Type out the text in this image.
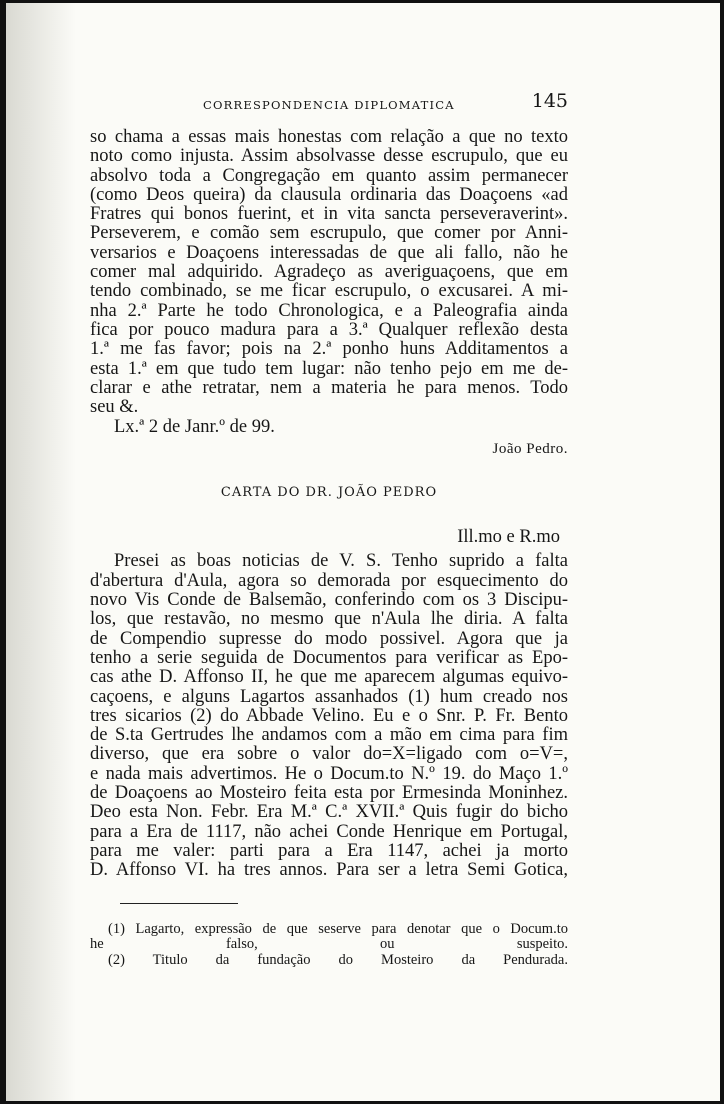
CORRESPONDENCIA DIPLOMATICA	145
so chama a essas mais honestas com relação a que no texto
noto como injusta. Assim absolvasse desse escrupulo, que eu
absolvo toda a Congregação em quanto assim permanecer
(como Deos queira) da clausula ordinaria das Doaçoens «ad
Fratres qui bonos fuerint, et in vita sancta perseveraverint».
Perseverem, e comão sem escrupulo, que comer por Anni-
versarios e Doaçoens interessadas de que ali fallo, não he
comer mal adquirido. Agradeço as averiguaçoens, que em
tendo combinado, se me ficar escrupulo, o excusarei. A mi-
nha 2.ª Parte he todo Chronologica, e a Paleografia ainda
fica por pouco madura para a 3.ª Qualquer reflexão desta
1.ª me fas favor; pois na 2.ª ponho huns Additamentos a
esta 1.ª em que tudo tem lugar: não tenho pejo em me de-
clarar e athe retratar, nem a materia he para menos. Todo
seu &.
Lx.ª 2 de Janr.º de 99.
João Pedro.
CARTA DO DR. JOÃO PEDRO
Ill.mo e R.mo
Presei as boas noticias de V. S. Tenho suprido a falta
d'abertura d'Aula, agora so demorada por esquecimento do
novo Vis Conde de Balsemão, conferindo com os 3 Discipu-
los, que restavão, no mesmo que n'Aula lhe diria. A falta
de Compendio supresse do modo possivel. Agora que ja
tenho a serie seguida de Documentos para verificar as Epo-
cas athe D. Affonso II, he que me aparecem algumas equivo-
caçoens, e alguns Lagartos assanhados (1) hum creado nos
tres sicarios (2) do Abbade Velino. Eu e o Snr. P. Fr. Bento
de S.ta Gertrudes lhe andamos com a mão em cima para fim
diverso, que era sobre o valor do=X=ligado com o=V=,
e nada mais advertimos. He o Docum.to N.º 19. do Maço 1.º
de Doaçoens ao Mosteiro feita esta por Ermesinda Moninhez.
Deo esta Non. Febr. Era M.ª C.ª XVII.ª Quis fugir do bicho
para a Era de 1117, não achei Conde Henrique em Portugal,
para me valer: parti para a Era 1147, achei ja morto
D. Affonso VI. ha tres annos. Para ser a letra Semi Gotica,

(1) Lagarto, expressão de que seserve para denotar que o Docum.to

he falso, ou suspeito.

(2) Titulo da fundação do Mosteiro da Pendurada.
